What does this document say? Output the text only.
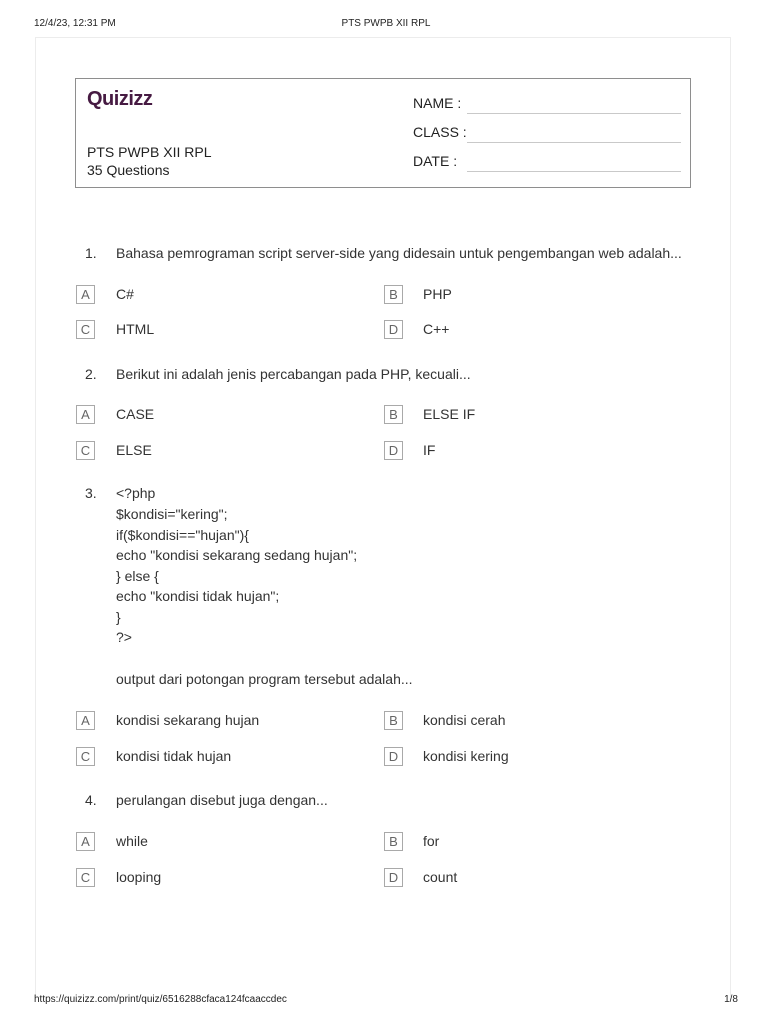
12/4/23, 12:31 PM	PTS PWPB XII RPL
Quizizz
PTS PWPB XII RPL
35 Questions
NAME :
CLASS :
DATE :
1. Bahasa pemrograman script server-side yang didesain untuk pengembangan web adalah...
A	C#	B	PHP
C	HTML	D	C++
2. Berikut ini adalah jenis percabangan pada PHP, kecuali...
A	CASE	B	ELSE IF
C	ELSE	D	IF
3. <?php
$kondisi="kering";
if($kondisi=="hujan"){
echo "kondisi sekarang sedang hujan";
} else {
echo "kondisi tidak hujan";
}
?>
output dari potongan program tersebut adalah...
A	kondisi sekarang hujan	B	kondisi cerah
C	kondisi tidak hujan	D	kondisi kering
4. perulangan disebut juga dengan...
A	while	B	for
C	looping	D	count
https://quizizz.com/print/quiz/6516288cfaca124fcaaccdec	1/8
